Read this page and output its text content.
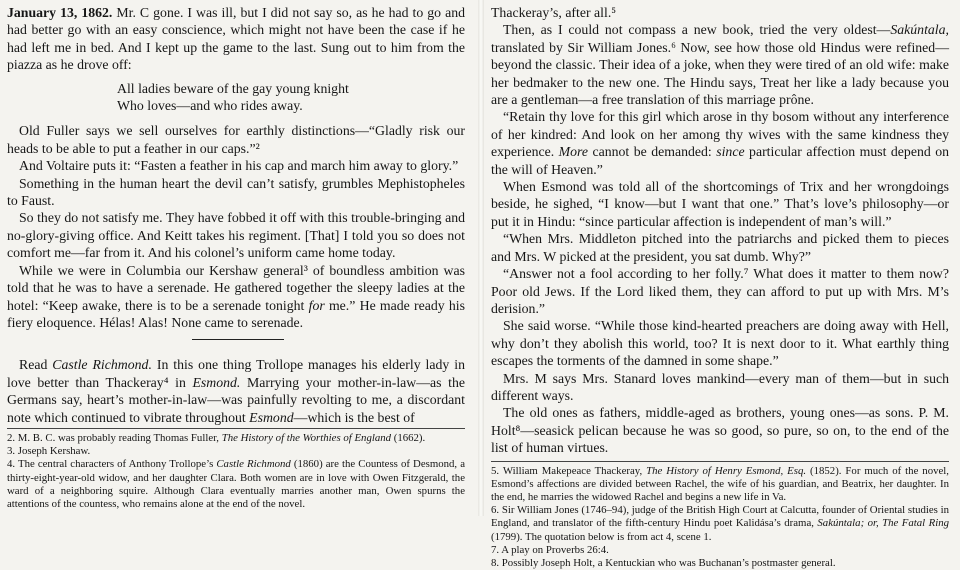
January 13, 1862. Mr. C gone. I was ill, but I did not say so, as he had to go and had better go with an easy conscience, which might not have been the case if he had left me in bed. And I kept up the game to the last. Sung out to him from the piazza as he drove off:

All ladies beware of the gay young knight
Who loves—and who rides away.

Old Fuller says we sell ourselves for earthly distinctions—“Gladly risk our heads to be able to put a feather in our caps.”²

And Voltaire puts it: “Fasten a feather in his cap and march him away to glory.”

Something in the human heart the devil can’t satisfy, grumbles Mephistopheles to Faust.

So they do not satisfy me. They have fobbed it off with this trouble-bringing and no-glory-giving office. And Keitt takes his regiment. [That] I told you so does not comfort me—far from it. And his colonel’s uniform came home today.

While we were in Columbia our Kershaw general³ of boundless ambition was told that he was to have a serenade. He gathered together the sleepy ladies at the hotel: “Keep awake, there is to be a serenade tonight for me.” He made ready his fiery eloquence. Hélas! Alas! None came to serenade.

Read Castle Richmond. In this one thing Trollope manages his elderly lady in love better than Thackeray⁴ in Esmond. Marrying your mother-in-law—as the Germans say, heart’s mother-in-law—was painfully revolting to me, a discordant note which continued to vibrate throughout Esmond—which is the best of

2. M. B. C. was probably reading Thomas Fuller, The History of the Worthies of England (1662).

3. Joseph Kershaw.

4. The central characters of Anthony Trollope’s Castle Richmond (1860) are the Countess of Desmond, a thirty-eight-year-old widow, and her daughter Clara. Both women are in love with Owen Fitzgerald, the ward of a neighboring squire. Although Clara eventually marries another man, Owen spurns the attentions of the countess, who remains alone at the end of the novel.

Thackeray’s, after all.⁵

Then, as I could not compass a new book, tried the very oldest—Sakúntala, translated by Sir William Jones.⁶ Now, see how those old Hindus were refined—beyond the classic. Their idea of a joke, when they were tired of an old wife: make her bedmaker to the new one. The Hindu says, Treat her like a lady because you are a gentleman—a free translation of this marriage prône.

“Retain thy love for this girl which arose in thy bosom without any interference of her kindred: And look on her among thy wives with the same kindness they experience. More cannot be demanded: since particular affection must depend on the will of Heaven.”

When Esmond was told all of the shortcomings of Trix and her wrongdoings beside, he sighed, “I know—but I want that one.” That’s love’s philosophy—or put it in Hindu: “since particular affection is independent of man’s will.”

“When Mrs. Middleton pitched into the patriarchs and picked them to pieces and Mrs. W picked at the president, you sat dumb. Why?”

“Answer not a fool according to her folly.⁷ What does it matter to them now? Poor old Jews. If the Lord liked them, they can afford to put up with Mrs. M’s derision.”

She said worse. “While those kind-hearted preachers are doing away with Hell, why don’t they abolish this world, too? It is next door to it. What earthly thing escapes the torments of the damned in some shape.”

Mrs. M says Mrs. Stanard loves mankind—every man of them—but in such different ways.

The old ones as fathers, middle-aged as brothers, young ones—as sons. P. M. Holt⁸—seasick pelican because he was so good, so pure, so on, to the end of the list of human virtues.

5. William Makepeace Thackeray, The History of Henry Esmond, Esq. (1852). For much of the novel, Esmond’s affections are divided between Rachel, the wife of his guardian, and Beatrix, her daughter. In the end, he marries the widowed Rachel and begins a new life in Va.

6. Sir William Jones (1746–94), judge of the British High Court at Calcutta, founder of Oriental studies in England, and translator of the fifth-century Hindu poet Kalidása’s drama, Sakúntala; or, The Fatal Ring (1799). The quotation below is from act 4, scene 1.

7. A play on Proverbs 26:4.

8. Possibly Joseph Holt, a Kentuckian who was Buchanan’s postmaster general.
